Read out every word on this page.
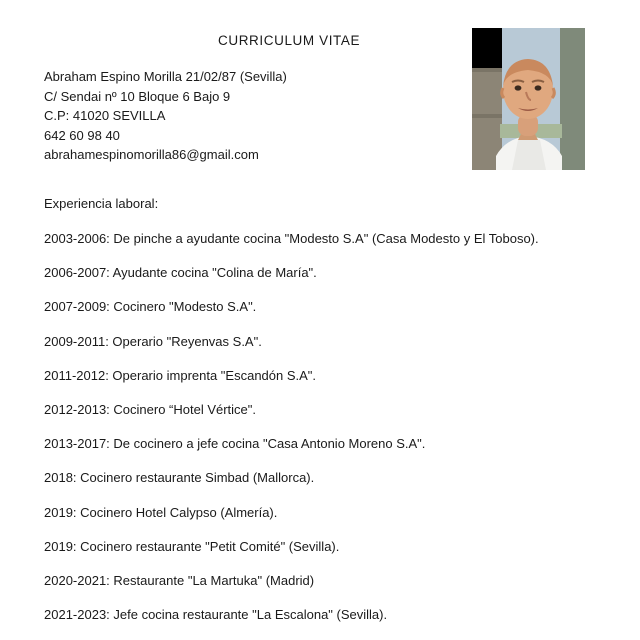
CURRICULUM VITAE
Abraham Espino Morilla 21/02/87 (Sevilla)
C/ Sendai nº 10 Bloque 6 Bajo 9
C.P: 41020 SEVILLA
642 60 98 40
abrahamespinomorilla86@gmail.com
Experiencia laboral:
2003-2006: De pinche a ayudante cocina "Modesto S.A" (Casa Modesto y El Toboso).
2006-2007: Ayudante cocina "Colina de María".
2007-2009: Cocinero "Modesto S.A".
2009-2011: Operario "Reyenvas S.A".
2011-2012: Operario imprenta "Escandón S.A".
2012-2013: Cocinero “Hotel Vértice".
2013-2017: De cocinero a jefe cocina "Casa Antonio Moreno S.A".
2018: Cocinero restaurante Simbad (Mallorca).
2019: Cocinero Hotel Calypso (Almería).
2019: Cocinero restaurante "Petit Comité" (Sevilla).
2020-2021: Restaurante "La Martuka" (Madrid)
2021-2023: Jefe cocina restaurante "La Escalona" (Sevilla).
